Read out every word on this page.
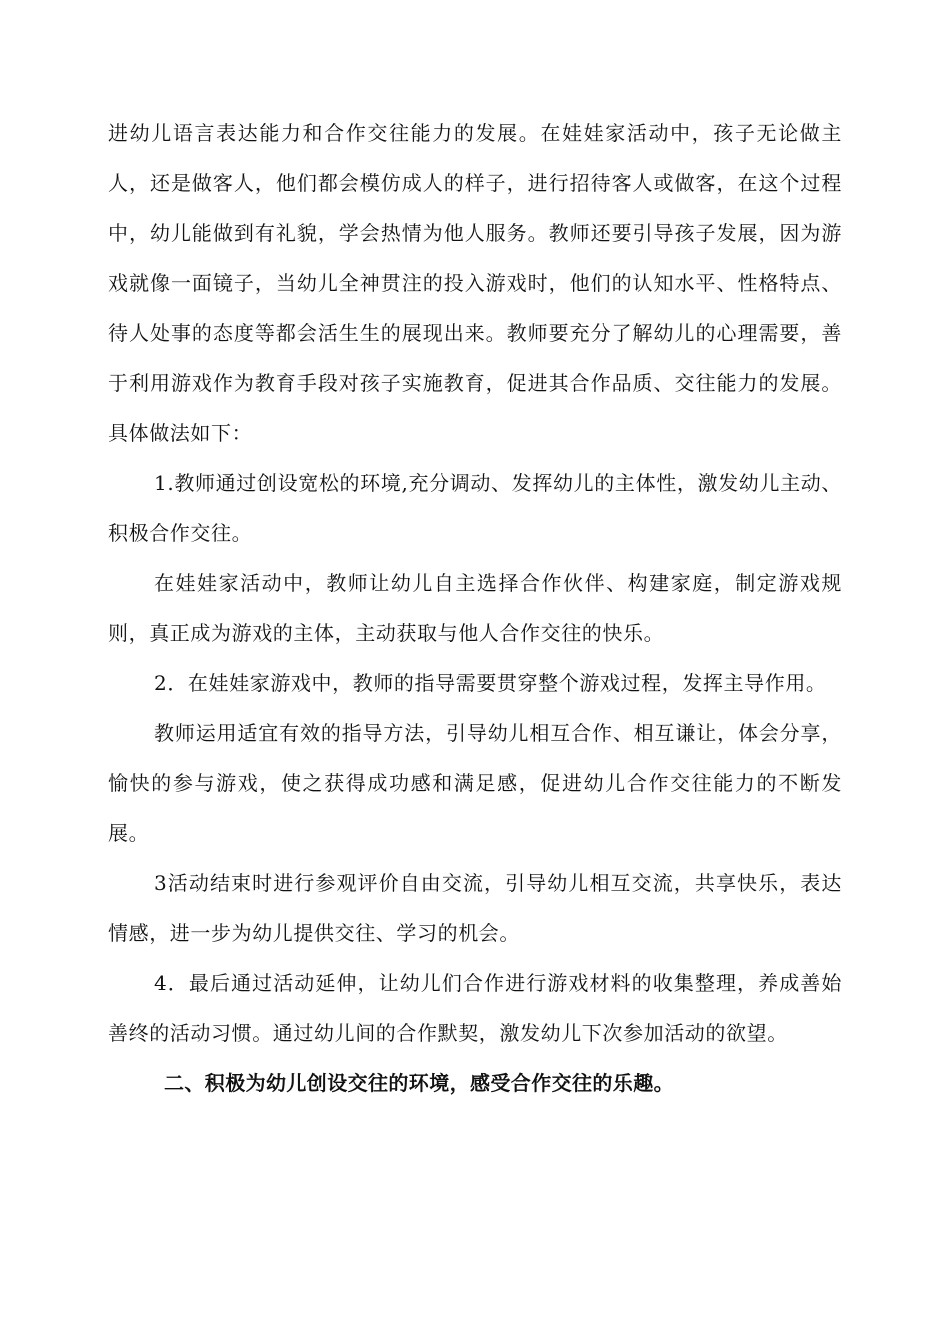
进幼儿语言表达能力和合作交往能力的发展。在娃娃家活动中，孩子无论做主人，还是做客人，他们都会模仿成人的样子，进行招待客人或做客，在这个过程中，幼儿能做到有礼貌，学会热情为他人服务。教师还要引导孩子发展，因为游戏就像一面镜子，当幼儿全神贯注的投入游戏时，他们的认知水平、性格特点、待人处事的态度等都会活生生的展现出来。教师要充分了解幼儿的心理需要，善于利用游戏作为教育手段对孩子实施教育，促进其合作品质、交往能力的发展。具体做法如下：

1.教师通过创设宽松的环境,充分调动、发挥幼儿的主体性，激发幼儿主动、积极合作交往。

在娃娃家活动中，教师让幼儿自主选择合作伙伴、构建家庭，制定游戏规则，真正成为游戏的主体，主动获取与他人合作交往的快乐。

2．在娃娃家游戏中，教师的指导需要贯穿整个游戏过程，发挥主导作用。

教师运用适宜有效的指导方法，引导幼儿相互合作、相互谦让，体会分享，愉快的参与游戏，使之获得成功感和满足感，促进幼儿合作交往能力的不断发展。

3活动结束时进行参观评价自由交流，引导幼儿相互交流，共享快乐，表达情感，进一步为幼儿提供交往、学习的机会。

4．最后通过活动延伸，让幼儿们合作进行游戏材料的收集整理，养成善始善终的活动习惯。通过幼儿间的合作默契，激发幼儿下次参加活动的欲望。

二、积极为幼儿创设交往的环境，感受合作交往的乐趣。
